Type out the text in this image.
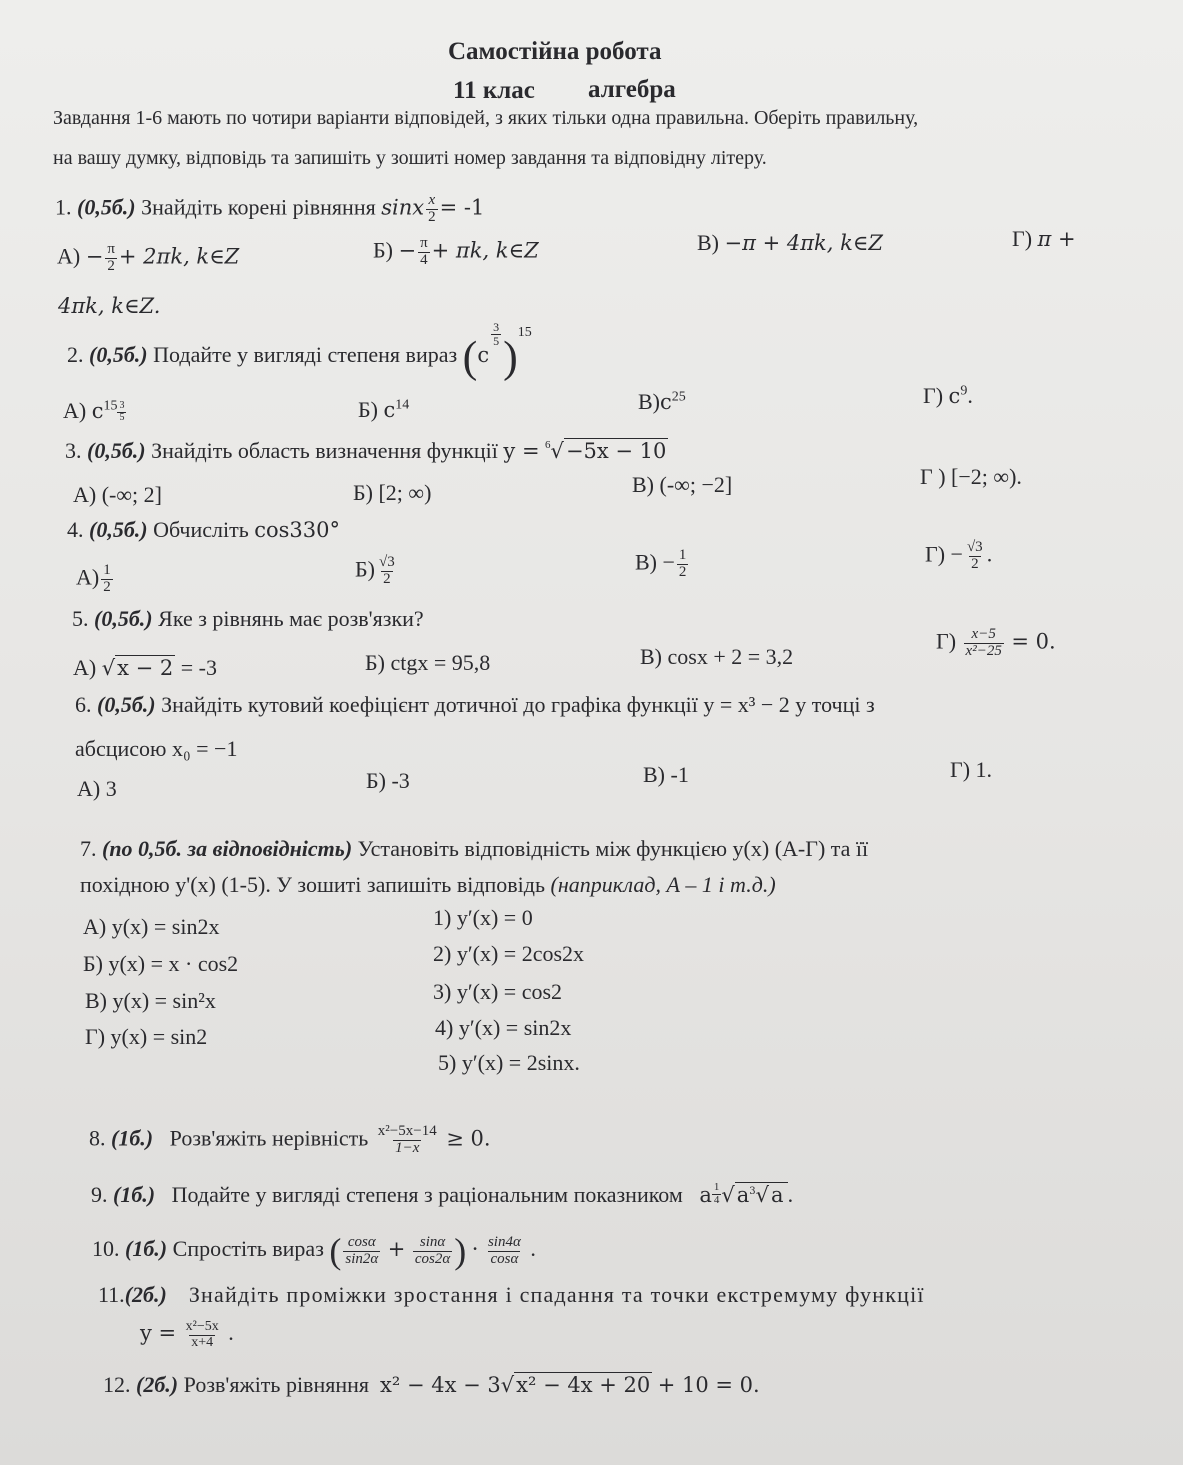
Самостійна робота
11 клас алгебра
Завдання 1-6 мають по чотири варіанти відповідей, з яких тільки одна правильна. Оберіть правильну,
на вашу думку, відповідь та запишіть у зошиті номер завдання та відповідну літеру.
1. (0,5б.) Знайдіть корені рівняння sinx $\frac{x}{2} = -1$
$А) - \frac{\pi}{2} + 2\pi k$, k∈Z	$Б) - \frac{\pi}{4} + \pi k$, k∈Z	В) −π + 4πk, k∈Z	Г) π +
4πk, k∈Z.
2. (0,5б.) Подайте у вигляді степеня вираз (c
$\frac{3}{5} )^{15}$
А) $c^{15} \frac{3}{5}$	Б) $c^{14}$	$В)c^{25}$	Г) $c^9$.
3. (0,5б.) Знайдіть область визначення функції y = $^6$√−5x − 10
А) (-∞; 2]	Б) [2; ∞)	В) (-∞; −2]	Г ) [−2; ∞).
4. (0,5б.) Обчисліть cos330°
$А) \frac{1}{2}$	$Б) \frac{√3}{2}$	$В) - \frac{1}{2}$	$Г) - \frac{√3}{2}$ .
5. (0,5б.) Яке з рівнянь має розв'язки?
А) √x − 2 = -3	Б) ctgx = 95,8	В) cosx + 2 = 3,2
$Г) \frac{x-5}{\text{x²−25}} = 0$.
6. (0,5б.) Знайдіть кутовий коефіцієнт дотичної до графіка функції y = x³ − 2 у точці з
абсцисою x₀ = −1
А) 3	Б) -3	В) -1	Г) 1.
7. (по 0,5б. за відповідність) Установіть відповідність між функцією y(x) (А-Г) та її
похідною y'(x) (1-5). У зошиті запишіть відповідь (наприклад, А – 1 і т.д.)
А) y(x) = sin2x
Б) y(x) = x · cos2
В) y(x) = sin²x
Г) y(x) = sin2
1) y′(x) = 0
2) y′(x) = 2cos2x
3) y′(x) = cos2
4) y′(x) = sin2x
5) y′(x) = 2sinx.
8. (1б.) Розв'яжіть нерівність $\frac{\text{x²−5x−14}}{1-x} \ge 0$.
9. (1б.) Подайте у вигляді степеня з раціональним показником a $\frac{1}{4} √a^3√a$ .
10. (1б.) Спростіть вираз ( $\frac{\cos\alpha}{\sin 2\alpha} + \frac{\sin\alpha}{\cos 2\alpha}$ ) · $\frac{\sin 4\alpha}{\cos\alpha}$ .
11.(2б.) Знайдіть проміжки зростання і спадання та точки екстремуму функції
$y = \frac{\text{x²−5x}}{x+4}$ .
12. (2б.) Розв'яжіть рівняння x² − 4x − 3√x² − 4x + 20 + 10 = 0.
